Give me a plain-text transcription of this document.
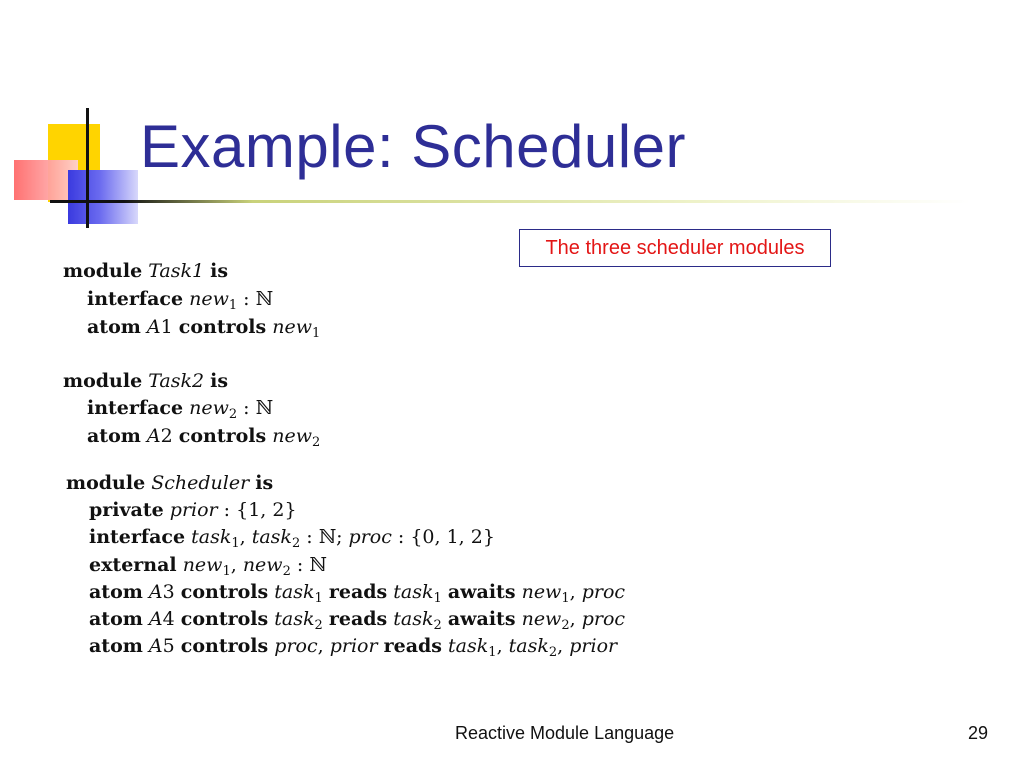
Example: Scheduler
The three scheduler modules
module Task1 is
interface new$_1$ : ℕ
atom A1 controls new$_1$
module Task2 is
interface new$_2$ : ℕ
atom A2 controls new$_2$
module Scheduler is
private prior : {1, 2}
interface task$_1$, task$_2$ : ℕ; proc : {0, 1, 2}
external new$_1$, new$_2$ : ℕ
atom A3 controls task$_1$ reads task$_1$ awaits new$_1$, proc
atom A4 controls task$_2$ reads task$_2$ awaits new$_2$, proc
atom A5 controls proc, prior reads task$_1$, task$_2$, prior
Reactive Module Language	29
